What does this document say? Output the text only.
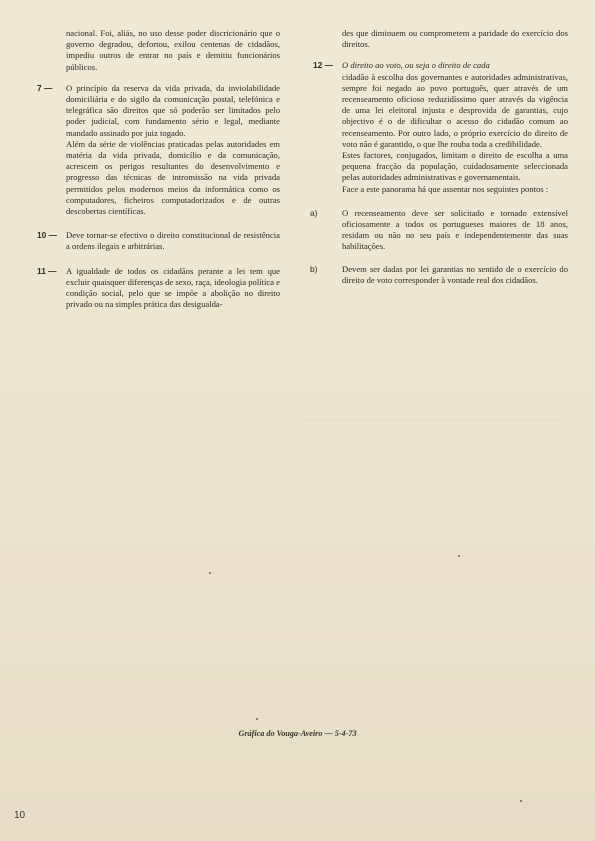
nacional. Foi, aliás, no uso desse poder discricionário que o governo degradou, defortou, exilou centenas de cidadãos, impediu outros de entrar no país e demitiu funcionários públicos.

7 —	O princípio da reserva da vida privada, da inviolabilidade domiciliária e do sigilo da comunicação postal, telefónica e telegráfica são direitos que só poderão ser limitados pelo poder judicial, com fundamento sério e legal, mediante mandado assinado por juiz togado.

Além da série de violências praticadas pelas autoridades em matéria da vida privada, domicílio e da comunicação, acrescem os perigos resultantes do desenvolvimento e progresso das técnicas de intromissão na vida privada permitidos pelos modernos meios da informática como os computadores, ficheiros computadorizados e de outras descobertas científicas.

10 —	Deve tornar-se efectivo o direito constitucional de resistência a ordens ilegais e arbitrárias.

11 —	A igualdade de todos os cidadãos perante a lei tem que excluir quaisquer diferenças de sexo, raça, ideologia política e condição social, pelo que se impõe a abolição no direito privado ou na simples prática das desigualda-

des que diminuem ou comprometem a paridade do exercício dos direitos.

12 —	O direito ao voto, ou seja o direito de cada

cidadão à escolha dos governantes e autoridades administrativas, sempre foi negado ao povo português, quer através de um recenseamento oficioso reduzidíssimo quer através da vigência de uma lei eleitoral injusta e desprovida de garantias, cujo objectivo é o de dificultar o acesso do cidadão comum ao recenseamento. Por outro lado, o próprio exercício do direito de voto não é garantido, o que lhe rouba toda a credibilidade.

Estes factores, conjugados, limitam o direito de escolha a uma pequena fracção da população, cuidadosamente seleccionada pelas autoridades administrativas e governamentais.

Face a este panorama há que assentar nos seguintes pontos :

a)	O recenseamento deve ser solicitado e tornado extensível oficiosamente a todos os portugueses maiores de 18 anos, residam ou não no seu país e independentemente das suas habilitações.

b)	Devem ser dadas por lei garantias no sentido de o exercício do direito de voto corresponder à vontade real dos cidadãos.

Gráfica do Vouga-Aveiro — 5-4-73
10
